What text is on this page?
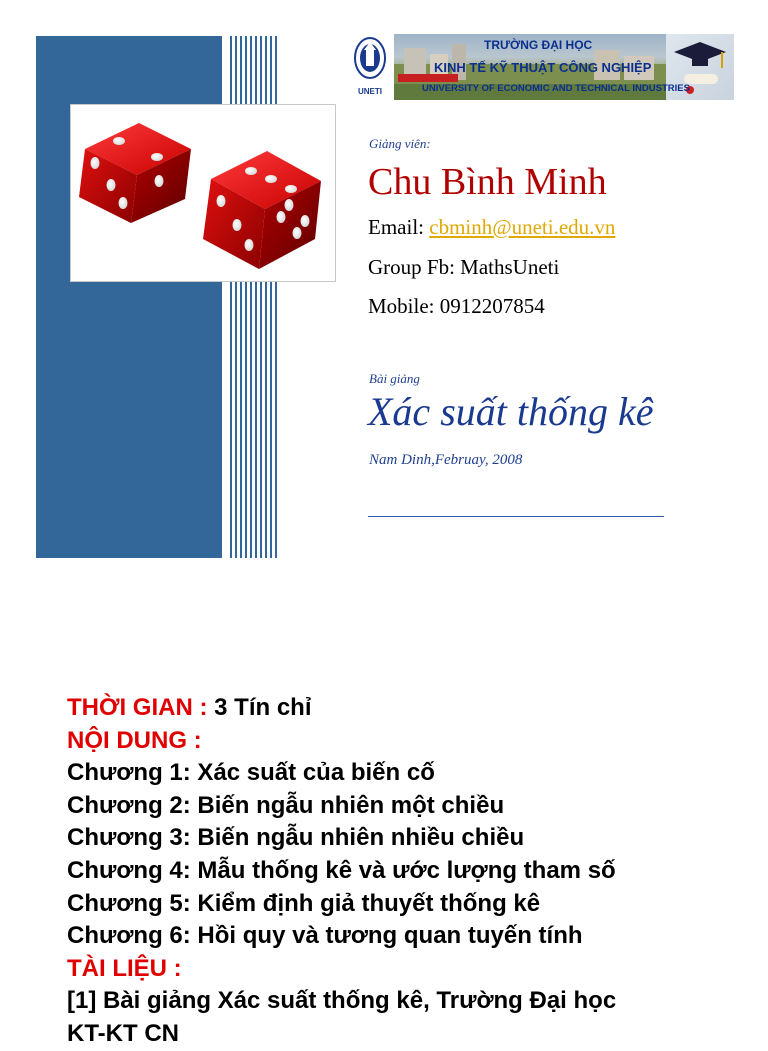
UNETI
TRƯỜNG ĐẠI HỌC
KINH TẾ KỸ THUẬT CÔNG NGHIỆP
UNIVERSITY OF ECONOMIC AND TECHNICAL INDUSTRIES
Giảng viên:
Chu Bình Minh
Email: cbminh@uneti.edu.vn
Group Fb: MathsUneti
Mobile: 0912207854
Bài giảng
Xác suất thống kê
Nam Dinh,Februay, 2008
THỜI GIAN : 3 Tín chỉ
NỘI DUNG :
Chương 1: Xác suất của biến cố
Chương 2: Biến ngẫu nhiên một chiều
Chương 3: Biến ngẫu nhiên nhiều chiều
Chương 4: Mẫu thống kê và ước lượng tham số
Chương 5: Kiểm định giả thuyết thống kê
Chương 6: Hồi quy và tương quan tuyến tính
TÀI LIỆU :
[1] Bài giảng Xác suất thống kê, Trường Đại học
KT-KT CN
